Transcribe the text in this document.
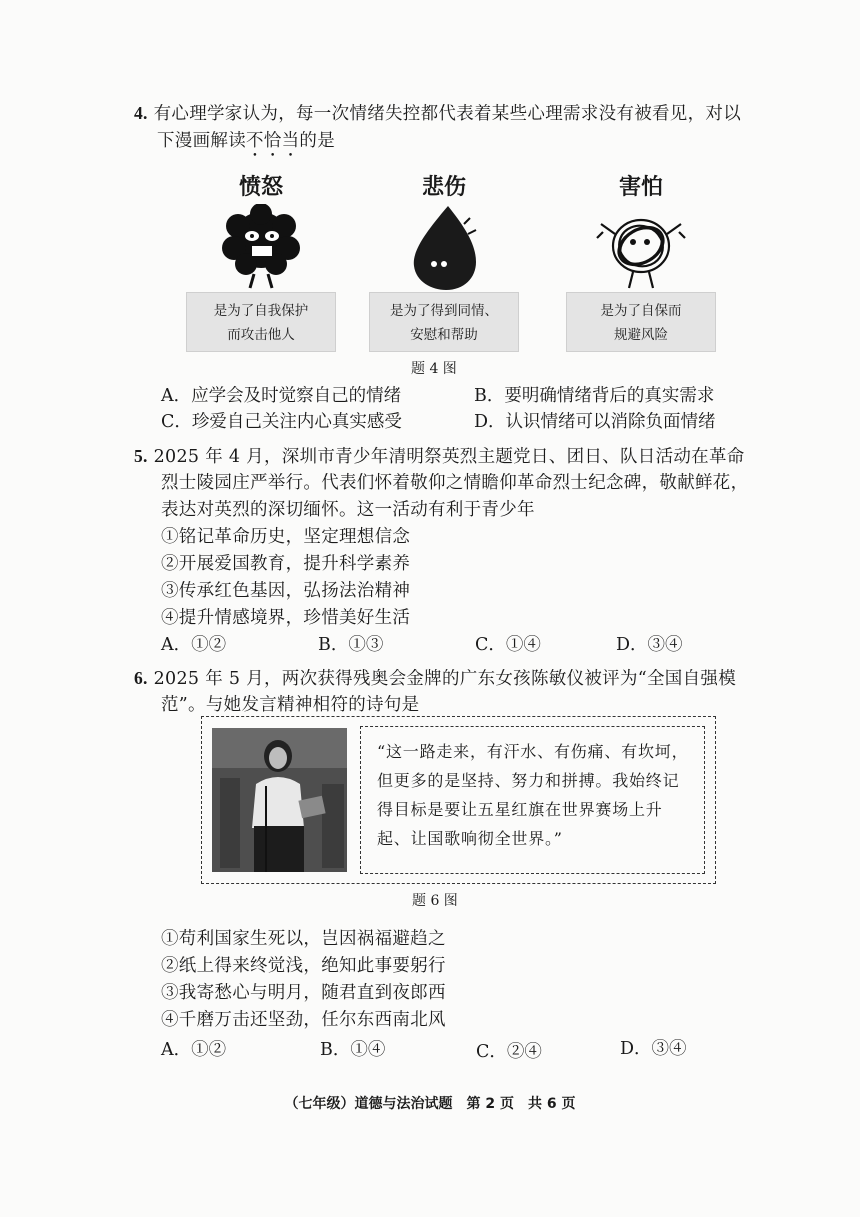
4. 有心理学家认为，每一次情绪失控都代表着某些心理需求没有被看见，对以
下漫画解读不恰当的是
愤怒
是为了自我保护
而攻击他人
悲伤
是为了得到同情、
安慰和帮助
害怕
是为了自保而
规避风险
题 4 图
A．应学会及时觉察自己的情绪	B．要明确情绪背后的真实需求
C．珍爱自己关注内心真实感受	D．认识情绪可以消除负面情绪
5. 2025 年 4 月，深圳市青少年清明祭英烈主题党日、团日、队日活动在革命
烈士陵园庄严举行。代表们怀着敬仰之情瞻仰革命烈士纪念碑，敬献鲜花，
表达对英烈的深切缅怀。这一活动有利于青少年
①铭记革命历史，坚定理想信念
②开展爱国教育，提升科学素养
③传承红色基因，弘扬法治精神
④提升情感境界，珍惜美好生活
A．①②	B．①③	C．①④	D．③④
6. 2025 年 5 月，两次获得残奥会金牌的广东女孩陈敏仪被评为“全国自强模
范”。与她发言精神相符的诗句是
“这一路走来，有汗水、有伤痛、有坎坷，但更多的是坚持、努力和拼搏。我始终记得目标是要让五星红旗在世界赛场上升起、让国歌响彻全世界。”
题 6 图
①苟利国家生死以，岂因祸福避趋之
②纸上得来终觉浅，绝知此事要躬行
③我寄愁心与明月，随君直到夜郎西
④千磨万击还坚劲，任尔东西南北风
A．①②	B．①④	C．②④	D．③④
（七年级）道德与法治试题　第 2 页　共 6 页
